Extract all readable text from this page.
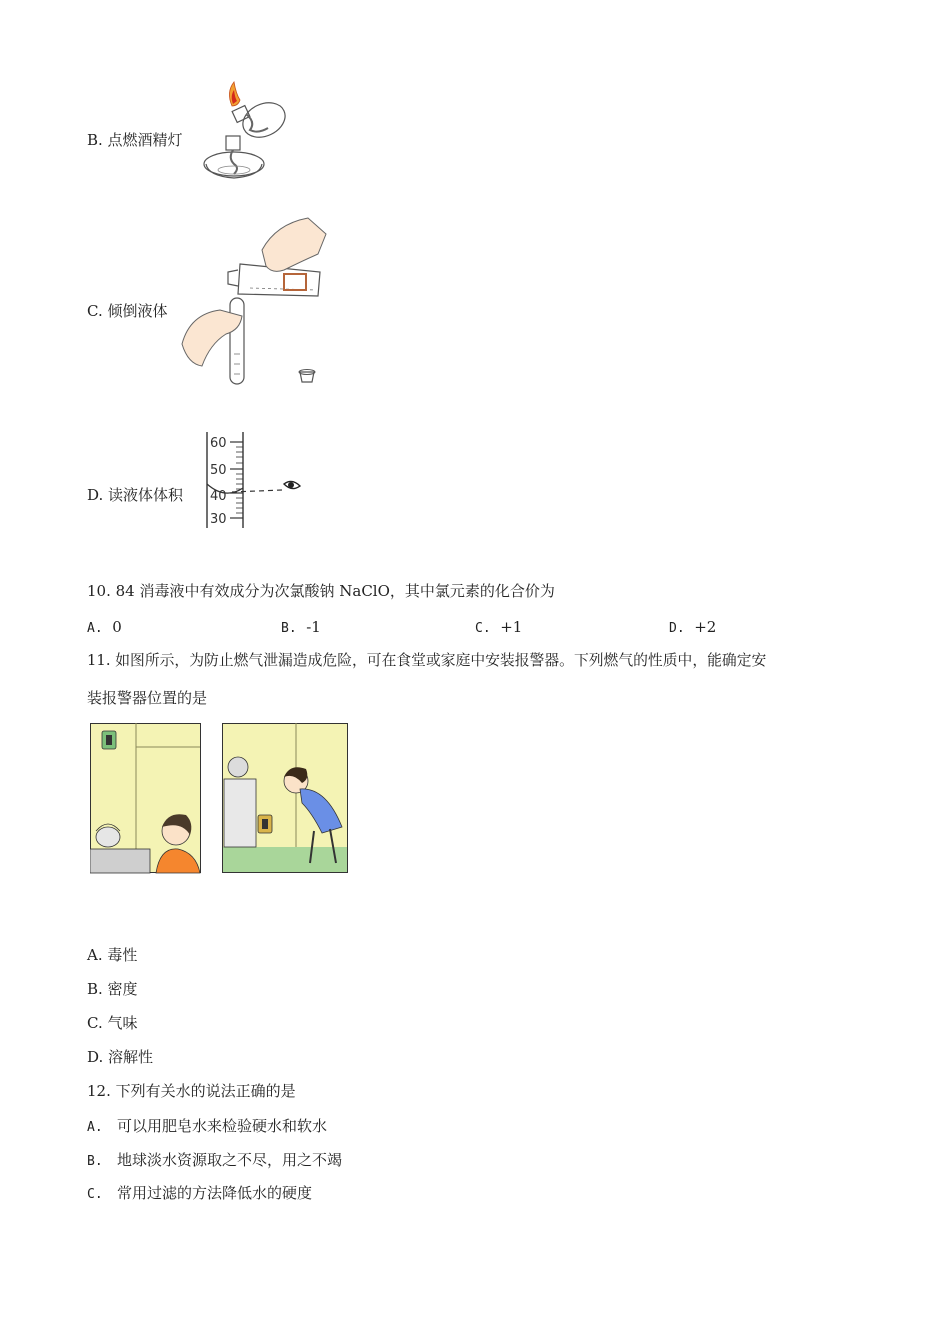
B. 点燃酒精灯
C. 倾倒液体
D. 读液体体积
60
50
40
30
10. 84 消毒液中有效成分为次氯酸钠 NaClO，其中氯元素的化合价为
A. 0	B. -1	C. +1	D. +2
11. 如图所示，为防止燃气泄漏造成危险，可在食堂或家庭中安装报警器。下列燃气的性质中，能确定安
装报警器位置的是
A. 毒性
B. 密度
C. 气味
D. 溶解性
12. 下列有关水的说法正确的是
A. 可以用肥皂水来检验硬水和软水
B. 地球淡水资源取之不尽，用之不竭
C. 常用过滤的方法降低水的硬度
